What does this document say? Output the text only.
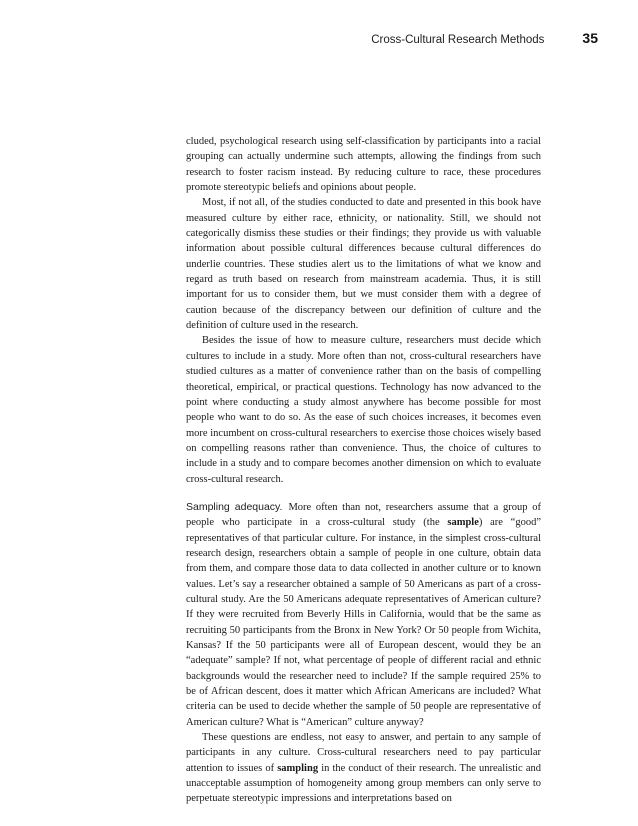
Cross-Cultural Research Methods	35

cluded, psychological research using self-classification by participants into a racial grouping can actually undermine such attempts, allowing the findings from such research to foster racism instead. By reducing culture to race, these procedures promote stereotypic beliefs and opinions about people.

Most, if not all, of the studies conducted to date and presented in this book have measured culture by either race, ethnicity, or nationality. Still, we should not categorically dismiss these studies or their findings; they provide us with valuable information about possible cultural differences because cultural differences do underlie countries. These studies alert us to the limitations of what we know and regard as truth based on research from mainstream academia. Thus, it is still important for us to consider them, but we must consider them with a degree of caution because of the discrepancy between our definition of culture and the definition of culture used in the research.

Besides the issue of how to measure culture, researchers must decide which cultures to include in a study. More often than not, cross-cultural researchers have studied cultures as a matter of convenience rather than on the basis of compelling theoretical, empirical, or practical questions. Technology has now advanced to the point where conducting a study almost anywhere has become possible for most people who want to do so. As the ease of such choices increases, it becomes even more incumbent on cross-cultural researchers to exercise those choices wisely based on compelling reasons rather than convenience. Thus, the choice of cultures to include in a study and to compare becomes another dimension on which to evaluate cross-cultural research.

Sampling adequacy. More often than not, researchers assume that a group of people who participate in a cross-cultural study (the sample) are “good” representatives of that particular culture. For instance, in the simplest cross-cultural research design, researchers obtain a sample of people in one culture, obtain data from them, and compare those data to data collected in another culture or to known values. Let’s say a researcher obtained a sample of 50 Americans as part of a cross-cultural study. Are the 50 Americans adequate representatives of American culture? If they were recruited from Beverly Hills in California, would that be the same as recruiting 50 participants from the Bronx in New York? Or 50 people from Wichita, Kansas? If the 50 participants were all of European descent, would they be an “adequate” sample? If not, what percentage of people of different racial and ethnic backgrounds would the researcher need to include? If the sample required 25% to be of African descent, does it matter which African Americans are included? What criteria can be used to decide whether the sample of 50 people are representative of American culture? What is “American” culture anyway?

These questions are endless, not easy to answer, and pertain to any sample of participants in any culture. Cross-cultural researchers need to pay particular attention to issues of sampling in the conduct of their research. The unrealistic and unacceptable assumption of homogeneity among group members can only serve to perpetuate stereotypic impressions and interpretations based on
